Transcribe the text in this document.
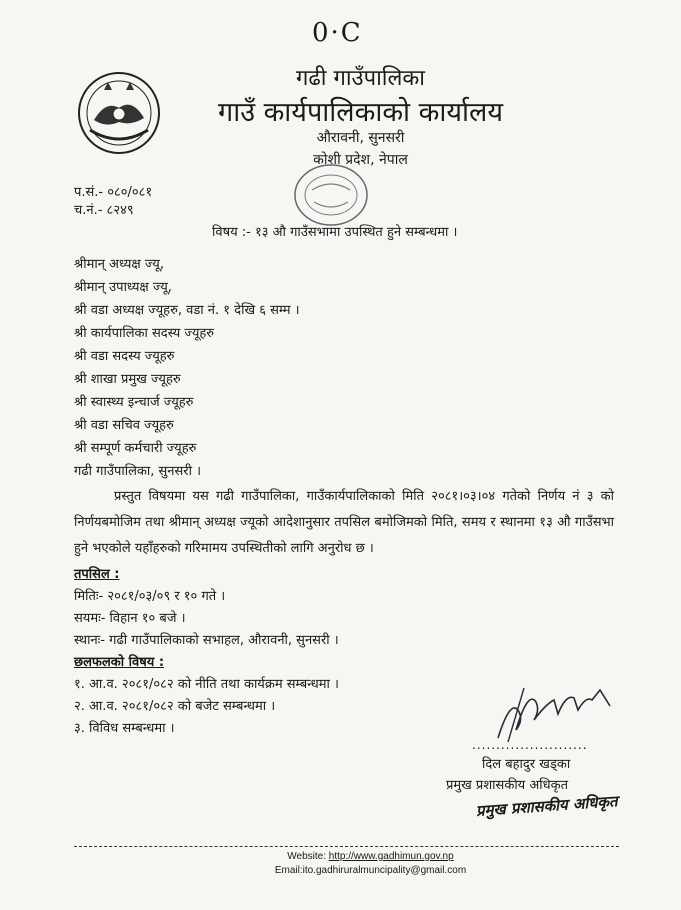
0·C
गढी गाउँपालिका
गाउँ कार्यपालिकाको कार्यालय
औरावनी, सुनसरी
कोशी प्रदेश, नेपाल
प.सं.- ०८०/०८१
च.नं.- ८२४९
विषय :- १३ औ गाउँसभामा उपस्थित हुने सम्बन्धमा ।
श्रीमान् अध्यक्ष ज्यू,
श्रीमान् उपाध्यक्ष ज्यू,
श्री वडा अध्यक्ष ज्यूहरु, वडा नं. १ देखि ६ सम्म ।
श्री कार्यपालिका सदस्य ज्यूहरु
श्री वडा सदस्य ज्यूहरु
श्री शाखा प्रमुख ज्यूहरु
श्री स्वास्थ्य इन्चार्ज ज्यूहरु
श्री वडा सचिव ज्यूहरु
श्री सम्पूर्ण कर्मचारी ज्यूहरु
गढी गाउँपालिका, सुनसरी ।
प्रस्तुत विषयमा यस गढी गाउँपालिका, गाउँकार्यपालिकाको मिति २०८१।०३।०४ गतेको निर्णय नं ३ को निर्णयबमोजिम तथा श्रीमान् अध्यक्ष ज्यूको आदेशानुसार तपसिल बमोजिमको मिति, समय र स्थानमा १३ औ गाउँसभा हुने भएकोले यहाँहरुको गरिमामय उपस्थितीको लागि अनुरोध छ ।
तपसिल :
मितिः- २०८१/०३/०९ र १० गते ।
सयमः- विहान १० बजे ।
स्थानः- गढी गाउँपालिकाको सभाहल, औरावनी, सुनसरी ।
छलफलको विषय :
१. आ.व. २०८१/०८२ को नीति तथा कार्यक्रम सम्बन्धमा ।
२. आ.व. २०८१/०८२ को बजेट सम्बन्धमा ।
३. विविध सम्बन्धमा ।
........................
दिल बहादुर खड्का
प्रमुख प्रशासकीय अधिकृत
प्रमुख प्रशासकीय अधिकृत
Website: http://www.gadhimun.gov.np
Email:ito.gadhiruralmuncipality@gmail.com
